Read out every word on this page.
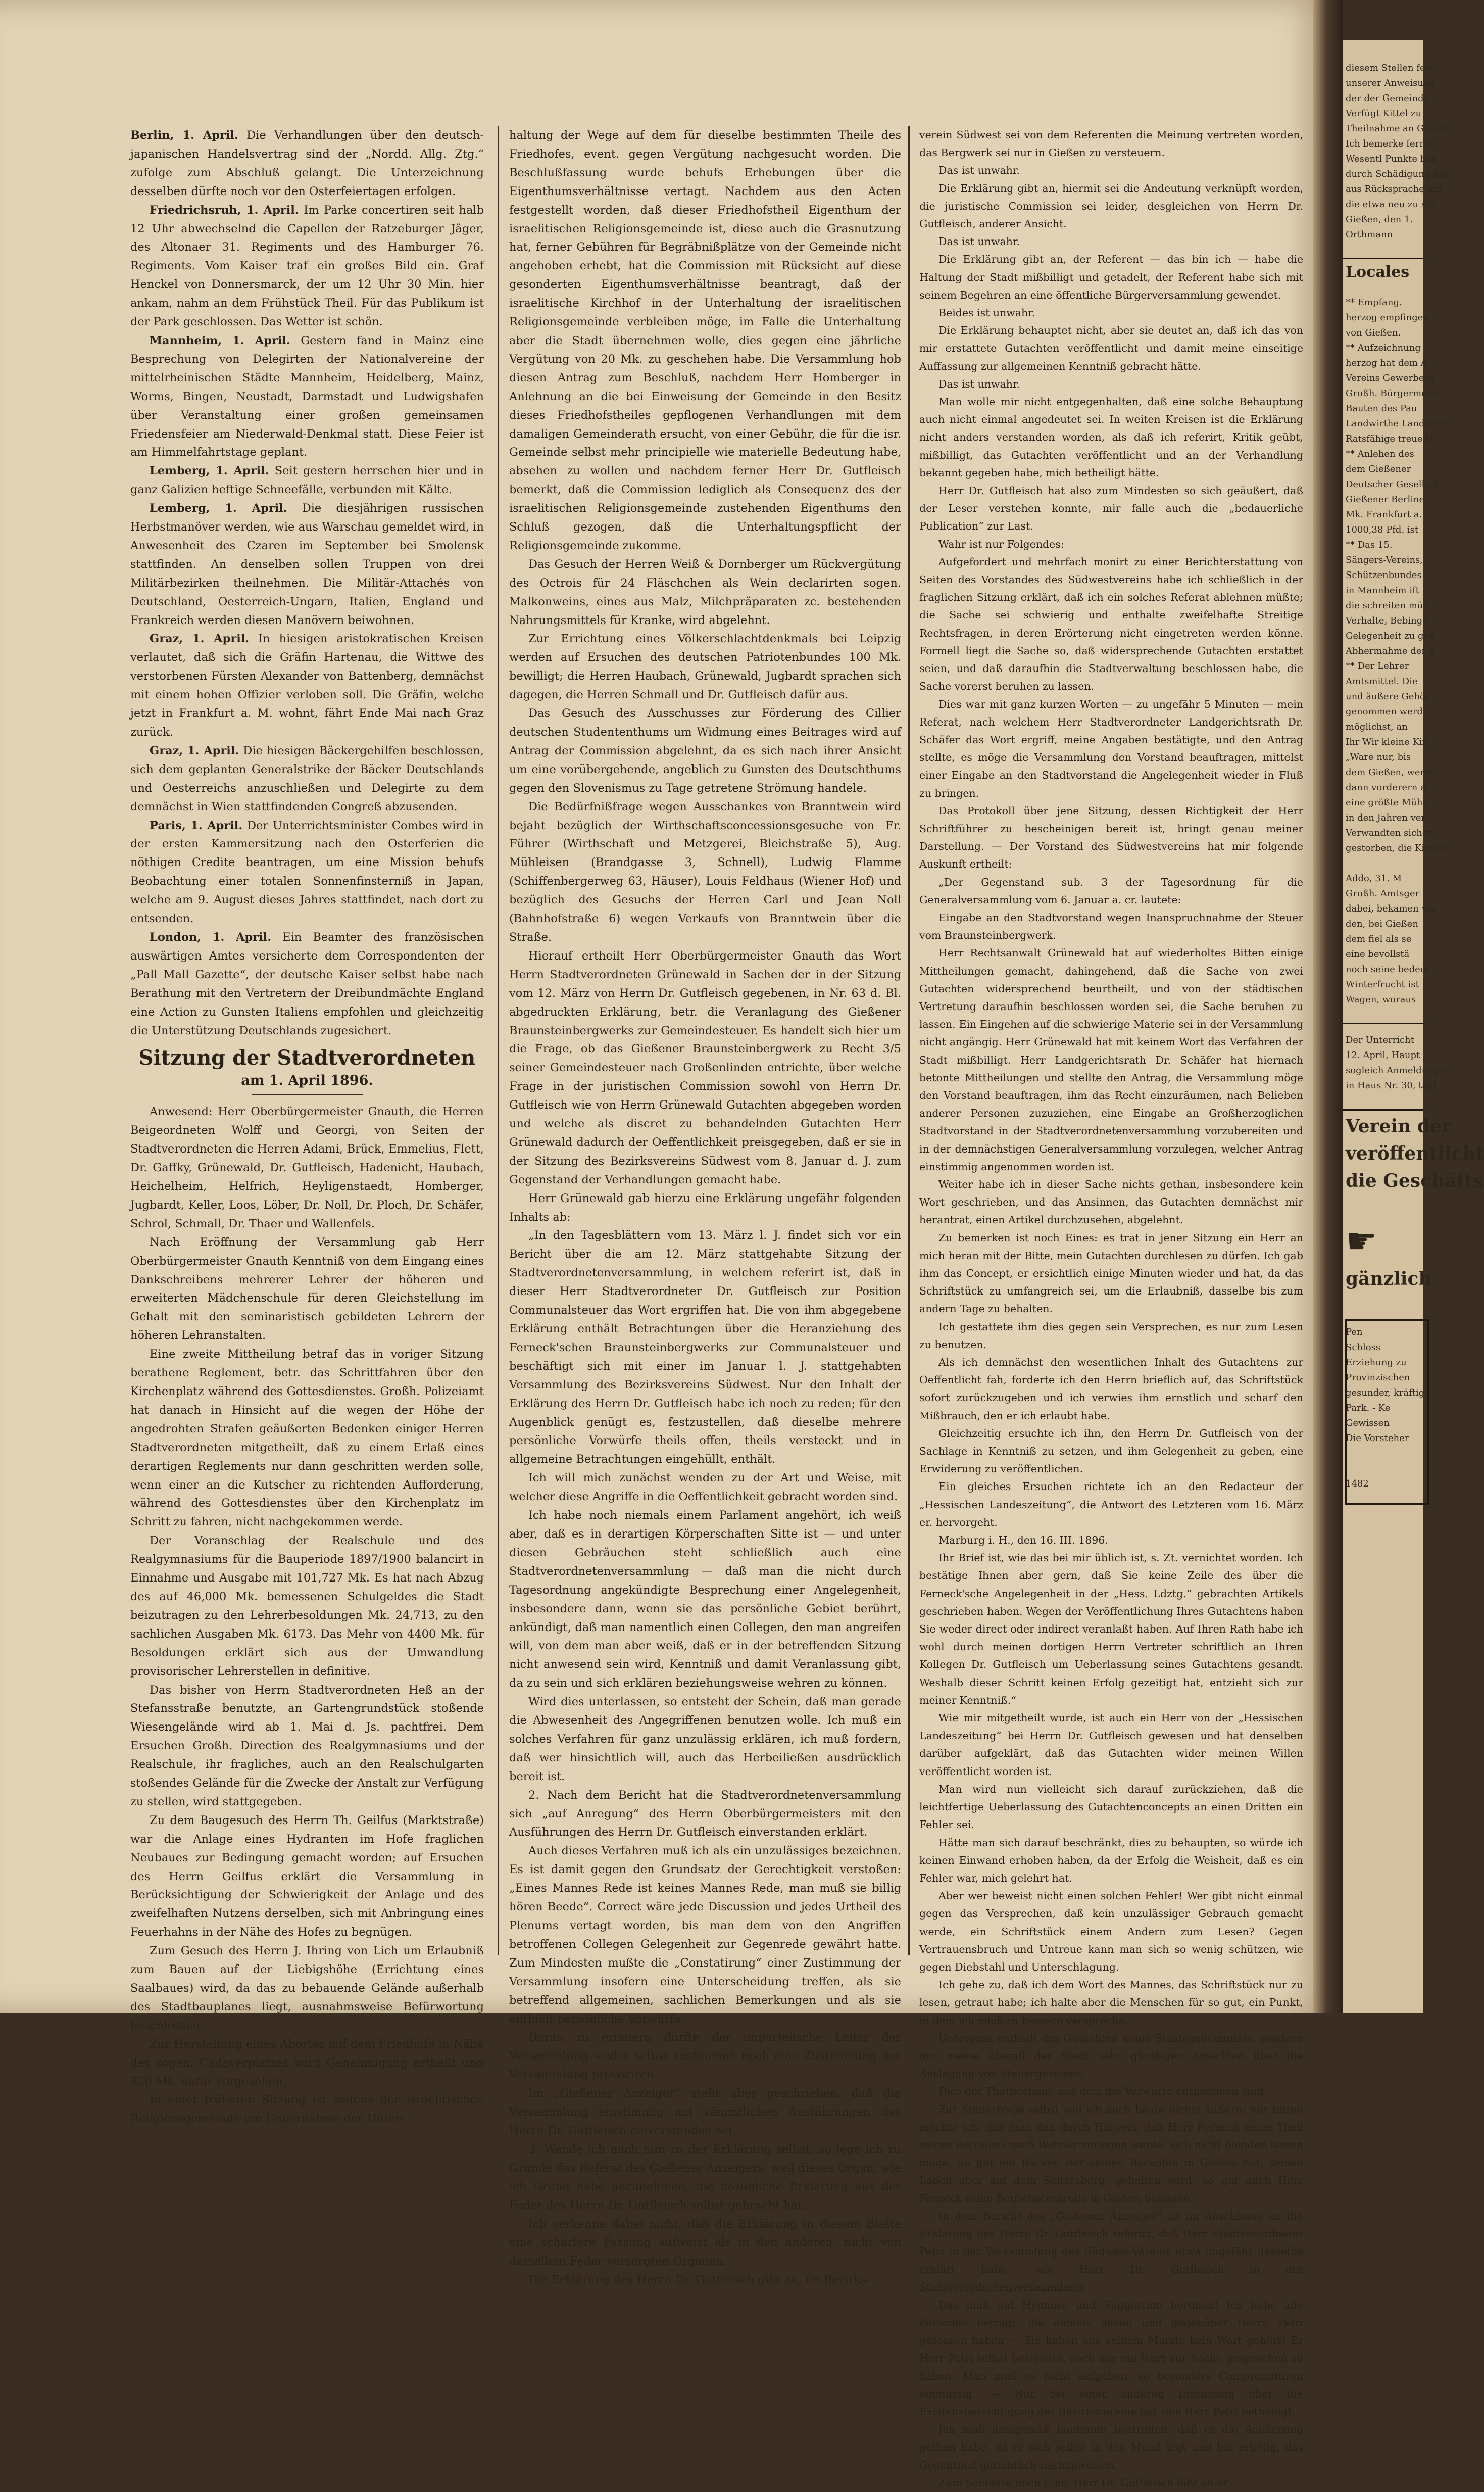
Berlin, 1. April. Die Verhandlungen über den deutsch-japanischen Handelsvertrag sind der „Nordd. Allg. Ztg.“ zufolge zum Abschluß gelangt. Die Unterzeichnung desselben dürfte noch vor den Osterfeiertagen erfolgen.

Friedrichsruh, 1. April. Im Parke concertiren seit halb 12 Uhr abwechselnd die Capellen der Ratzeburger Jäger, des Altonaer 31. Regiments und des Hamburger 76. Regiments. Vom Kaiser traf ein großes Bild ein. Graf Henckel von Donnersmarck, der um 12 Uhr 30 Min. hier ankam, nahm an dem Frühstück Theil. Für das Publikum ist der Park geschlossen. Das Wetter ist schön.

Mannheim, 1. April. Gestern fand in Mainz eine Besprechung von Delegirten der Nationalvereine der mittelrheinischen Städte Mannheim, Heidelberg, Mainz, Worms, Bingen, Neustadt, Darmstadt und Ludwigshafen über Veranstaltung einer großen gemeinsamen Friedensfeier am Niederwald-Denkmal statt. Diese Feier ist am Himmelfahrtstage geplant.

Lemberg, 1. April. Seit gestern herrschen hier und in ganz Galizien heftige Schneefälle, verbunden mit Kälte.

Lemberg, 1. April. Die diesjährigen russischen Herbstmanöver werden, wie aus Warschau gemeldet wird, in Anwesenheit des Czaren im September bei Smolensk stattfinden. An denselben sollen Truppen von drei Militärbezirken theilnehmen. Die Militär-Attachés von Deutschland, Oesterreich-Ungarn, Italien, England und Frankreich werden diesen Manövern beiwohnen.

Graz, 1. April. In hiesigen aristokratischen Kreisen verlautet, daß sich die Gräfin Hartenau, die Wittwe des verstorbenen Fürsten Alexander von Battenberg, demnächst mit einem hohen Offizier verloben soll. Die Gräfin, welche jetzt in Frankfurt a. M. wohnt, fährt Ende Mai nach Graz zurück.

Graz, 1. April. Die hiesigen Bäckergehilfen beschlossen, sich dem geplanten Generalstrike der Bäcker Deutschlands und Oesterreichs anzuschließen und Delegirte zu dem demnächst in Wien stattfindenden Congreß abzusenden.

Paris, 1. April. Der Unterrichtsminister Combes wird in der ersten Kammersitzung nach den Osterferien die nöthigen Credite beantragen, um eine Mission behufs Beobachtung einer totalen Sonnenfinsterniß in Japan, welche am 9. August dieses Jahres stattfindet, nach dort zu entsenden.

London, 1. April. Ein Beamter des französischen auswärtigen Amtes versicherte dem Correspondenten der „Pall Mall Gazette“, der deutsche Kaiser selbst habe nach Berathung mit den Vertretern der Dreibundmächte England eine Action zu Gunsten Italiens empfohlen und gleichzeitig die Unterstützung Deutschlands zugesichert.

Sitzung der Stadtverordneten

am 1. April 1896.

Anwesend: Herr Oberbürgermeister Gnauth, die Herren Beigeordneten Wolff und Georgi, von Seiten der Stadtverordneten die Herren Adami, Brück, Emmelius, Flett, Dr. Gaffky, Grünewald, Dr. Gutfleisch, Hadenicht, Haubach, Heichelheim, Helfrich, Heyligenstaedt, Homberger, Jugbardt, Keller, Loos, Löber, Dr. Noll, Dr. Ploch, Dr. Schäfer, Schrol, Schmall, Dr. Thaer und Wallenfels.

Nach Eröffnung der Versammlung gab Herr Oberbürgermeister Gnauth Kenntniß von dem Eingang eines Dankschreibens mehrerer Lehrer der höheren und erweiterten Mädchenschule für deren Gleichstellung im Gehalt mit den seminaristisch gebildeten Lehrern der höheren Lehranstalten.

Eine zweite Mittheilung betraf das in voriger Sitzung berathene Reglement, betr. das Schrittfahren über den Kirchenplatz während des Gottesdienstes. Großh. Polizeiamt hat danach in Hinsicht auf die wegen der Höhe der angedrohten Strafen geäußerten Bedenken einiger Herren Stadtverordneten mitgetheilt, daß zu einem Erlaß eines derartigen Reglements nur dann geschritten werden solle, wenn einer an die Kutscher zu richtenden Aufforderung, während des Gottesdienstes über den Kirchenplatz im Schritt zu fahren, nicht nachgekommen werde.

Der Voranschlag der Realschule und des Realgymnasiums für die Bauperiode 1897/1900 balancirt in Einnahme und Ausgabe mit 101,727 Mk. Es hat nach Abzug des auf 46,000 Mk. bemessenen Schulgeldes die Stadt beizutragen zu den Lehrerbesoldungen Mk. 24,713, zu den sachlichen Ausgaben Mk. 6173. Das Mehr von 4400 Mk. für Besoldungen erklärt sich aus der Umwandlung provisorischer Lehrerstellen in definitive.

Das bisher von Herrn Stadtverordneten Heß an der Stefansstraße benutzte, an Gartengrundstück stoßende Wiesengelände wird ab 1. Mai d. Js. pachtfrei. Dem Ersuchen Großh. Direction des Realgymnasiums und der Realschule, ihr fragliches, auch an den Realschulgarten stoßendes Gelände für die Zwecke der Anstalt zur Verfügung zu stellen, wird stattgegeben.

Zu dem Baugesuch des Herrn Th. Geilfus (Marktstraße) war die Anlage eines Hydranten im Hofe fraglichen Neubaues zur Bedingung gemacht worden; auf Ersuchen des Herrn Geilfus erklärt die Versammlung in Berücksichtigung der Schwierigkeit der Anlage und des zweifelhaften Nutzens derselben, sich mit Anbringung eines Feuerhahns in der Nähe des Hofes zu begnügen.

Zum Gesuch des Herrn J. Ihring von Lich um Erlaubniß zum Bauen auf der Liebigshöhe (Errichtung eines Saalbaues) wird, da das zu bebauende Gelände außerhalb des Stadtbauplanes liegt, ausnahmsweise Befürwortung beschlossen.

Zur Herstellung eines Abortes auf dem Friedhofe in Nähe des sogen. Cadaverplatzes wird Genehmigung ertheilt und 320 Mk. dafür vorgesehen.

In einer früheren Sitzung ist seitens der israelitischen Religionsgemeinde um Uebernahme der Unter-

haltung der Wege auf dem für dieselbe bestimmten Theile des Friedhofes, event. gegen Vergütung nachgesucht worden. Die Beschlußfassung wurde behufs Erhebungen über die Eigenthumsverhältnisse vertagt. Nachdem aus den Acten festgestellt worden, daß dieser Friedhofstheil Eigenthum der israelitischen Religionsgemeinde ist, diese auch die Grasnutzung hat, ferner Gebühren für Begräbnißplätze von der Gemeinde nicht angehoben erhebt, hat die Commission mit Rücksicht auf diese gesonderten Eigenthumsverhältnisse beantragt, daß der israelitische Kirchhof in der Unterhaltung der israelitischen Religionsgemeinde verbleiben möge, im Falle die Unterhaltung aber die Stadt übernehmen wolle, dies gegen eine jährliche Vergütung von 20 Mk. zu geschehen habe. Die Versammlung hob diesen Antrag zum Beschluß, nachdem Herr Homberger in Anlehnung an die bei Einweisung der Gemeinde in den Besitz dieses Friedhofstheiles gepflogenen Verhandlungen mit dem damaligen Gemeinderath ersucht, von einer Gebühr, die für die isr. Gemeinde selbst mehr principielle wie materielle Bedeutung habe, absehen zu wollen und nachdem ferner Herr Dr. Gutfleisch bemerkt, daß die Commission lediglich als Consequenz des der israelitischen Religionsgemeinde zustehenden Eigenthums den Schluß gezogen, daß die Unterhaltungspflicht der Religionsgemeinde zukomme.

Das Gesuch der Herren Weiß & Dornberger um Rückvergütung des Octrois für 24 Fläschchen als Wein declarirten sogen. Malkonweins, eines aus Malz, Milchpräparaten zc. bestehenden Nahrungsmittels für Kranke, wird abgelehnt.

Zur Errichtung eines Völkerschlachtdenkmals bei Leipzig werden auf Ersuchen des deutschen Patriotenbundes 100 Mk. bewilligt; die Herren Haubach, Grünewald, Jugbardt sprachen sich dagegen, die Herren Schmall und Dr. Gutfleisch dafür aus.

Das Gesuch des Ausschusses zur Förderung des Cillier deutschen Studententhums um Widmung eines Beitrages wird auf Antrag der Commission abgelehnt, da es sich nach ihrer Ansicht um eine vorübergehende, angeblich zu Gunsten des Deutschthums gegen den Slovenismus zu Tage getretene Strömung handele.

Die Bedürfnißfrage wegen Ausschankes von Branntwein wird bejaht bezüglich der Wirthschaftsconcessionsgesuche von Fr. Führer (Wirthschaft und Metzgerei, Bleichstraße 5), Aug. Mühleisen (Brandgasse 3, Schnell), Ludwig Flamme (Schiffenbergerweg 63, Häuser), Louis Feldhaus (Wiener Hof) und bezüglich des Gesuchs der Herren Carl und Jean Noll (Bahnhofstraße 6) wegen Verkaufs von Branntwein über die Straße.

Hierauf ertheilt Herr Oberbürgermeister Gnauth das Wort Herrn Stadtverordneten Grünewald in Sachen der in der Sitzung vom 12. März von Herrn Dr. Gutfleisch gegebenen, in Nr. 63 d. Bl. abgedruckten Erklärung, betr. die Veranlagung des Gießener Braunsteinbergwerks zur Gemeindesteuer. Es handelt sich hier um die Frage, ob das Gießener Braunsteinbergwerk zu Recht 3/5 seiner Gemeindesteuer nach Großenlinden entrichte, über welche Frage in der juristischen Commission sowohl von Herrn Dr. Gutfleisch wie von Herrn Grünewald Gutachten abgegeben worden und welche als discret zu behandelnden Gutachten Herr Grünewald dadurch der Oeffentlichkeit preisgegeben, daß er sie in der Sitzung des Bezirksvereins Südwest vom 8. Januar d. J. zum Gegenstand der Verhandlungen gemacht habe.

Herr Grünewald gab hierzu eine Erklärung ungefähr folgenden Inhalts ab:

„In den Tagesblättern vom 13. März l. J. findet sich vor ein Bericht über die am 12. März stattgehabte Sitzung der Stadtverordnetenversammlung, in welchem referirt ist, daß in dieser Herr Stadtverordneter Dr. Gutfleisch zur Position Communalsteuer das Wort ergriffen hat. Die von ihm abgegebene Erklärung enthält Betrachtungen über die Heranziehung des Ferneck'schen Braunsteinbergwerks zur Communalsteuer und beschäftigt sich mit einer im Januar l. J. stattgehabten Versammlung des Bezirksvereins Südwest. Nur den Inhalt der Erklärung des Herrn Dr. Gutfleisch habe ich noch zu reden; für den Augenblick genügt es, festzustellen, daß dieselbe mehrere persönliche Vorwürfe theils offen, theils versteckt und in allgemeine Betrachtungen eingehüllt, enthält.

Ich will mich zunächst wenden zu der Art und Weise, mit welcher diese Angriffe in die Oeffentlichkeit gebracht worden sind.

Ich habe noch niemals einem Parlament angehört, ich weiß aber, daß es in derartigen Körperschaften Sitte ist — und unter diesen Gebräuchen steht schließlich auch eine Stadtverordnetenversammlung — daß man die nicht durch Tagesordnung angekündigte Besprechung einer Angelegenheit, insbesondere dann, wenn sie das persönliche Gebiet berührt, ankündigt, daß man namentlich einen Collegen, den man angreifen will, von dem man aber weiß, daß er in der betreffenden Sitzung nicht anwesend sein wird, Kenntniß und damit Veranlassung gibt, da zu sein und sich erklären beziehungsweise wehren zu können.

Wird dies unterlassen, so entsteht der Schein, daß man gerade die Abwesenheit des Angegriffenen benutzen wolle. Ich muß ein solches Verfahren für ganz unzulässig erklären, ich muß fordern, daß wer hinsichtlich will, auch das Herbeiließen ausdrücklich bereit ist.

2. Nach dem Bericht hat die Stadtverordnetenversammlung sich „auf Anregung“ des Herrn Oberbürgermeisters mit den Ausführungen des Herrn Dr. Gutfleisch einverstanden erklärt.

Auch dieses Verfahren muß ich als ein unzulässiges bezeichnen. Es ist damit gegen den Grundsatz der Gerechtigkeit verstoßen: „Eines Mannes Rede ist keines Mannes Rede, man muß sie billig hören Beede“. Correct wäre jede Discussion und jedes Urtheil des Plenums vertagt worden, bis man dem von den Angriffen betroffenen Collegen Gelegenheit zur Gegenrede gewährt hatte. Zum Mindesten mußte die „Constatirung“ einer Zustimmung der Versammlung insofern eine Unterscheidung treffen, als sie betreffend allgemeinen, sachlichen Bemerkungen und als sie enthielt persönliche Vorwürfe.

Daran zu erinnern dürfte der unparteiische Leiter der Versammlung weder selbst zustimmen noch eine Zustimmung der Versammlung provociren.

Im „Gießener Anzeiger“ steht aber geschrieben, daß die Versammlung einstimmig mit sämmtlichen Ausführungen des Herrn Dr. Gutfleisch einverstanden sei.

3. Wende ich mich nun zu der Erklärung selbst, so lege ich zu Grunde das Referat des Gießener Anzeigers, weil dieses Organ, wie ich Grund habe anzunehmen, die bezügliche Erklärung aus der Feder des Herrn Dr. Gutfleisch selbst gebracht hat.

Ich verkenne dabei nicht, daß die Erklärung in diesem Blatte eine schärfere Fassung aufweist als in den anderen, nicht von derselben Feder versorgten Organen.

Die Erklärung des Herrn Dr. Gutfleisch gibt an, im Bezirks-

verein Südwest sei von dem Referenten die Meinung vertreten worden, das Bergwerk sei nur in Gießen zu versteuern.

Das ist unwahr.

Die Erklärung gibt an, hiermit sei die Andeutung verknüpft worden, die juristische Commission sei leider, desgleichen von Herrn Dr. Gutfleisch, anderer Ansicht.

Das ist unwahr.

Die Erklärung gibt an, der Referent — das bin ich — habe die Haltung der Stadt mißbilligt und getadelt, der Referent habe sich mit seinem Begehren an eine öffentliche Bürgerversammlung gewendet.

Beides ist unwahr.

Die Erklärung behauptet nicht, aber sie deutet an, daß ich das von mir erstattete Gutachten veröffentlicht und damit meine einseitige Auffassung zur allgemeinen Kenntniß gebracht hätte.

Das ist unwahr.

Man wolle mir nicht entgegenhalten, daß eine solche Behauptung auch nicht einmal angedeutet sei. In weiten Kreisen ist die Erklärung nicht anders verstanden worden, als daß ich referirt, Kritik geübt, mißbilligt, das Gutachten veröffentlicht und an der Verhandlung bekannt gegeben habe, mich betheiligt hätte.

Herr Dr. Gutfleisch hat also zum Mindesten so sich geäußert, daß der Leser verstehen konnte, mir falle auch die „bedauerliche Publication“ zur Last.

Wahr ist nur Folgendes:

Aufgefordert und mehrfach monirt zu einer Berichterstattung von Seiten des Vorstandes des Südwestvereins habe ich schließlich in der fraglichen Sitzung erklärt, daß ich ein solches Referat ablehnen müßte; die Sache sei schwierig und enthalte zweifelhafte Streitige Rechtsfragen, in deren Erörterung nicht eingetreten werden könne. Formell liegt die Sache so, daß widersprechende Gutachten erstattet seien, und daß daraufhin die Stadtverwaltung beschlossen habe, die Sache vorerst beruhen zu lassen.

Dies war mit ganz kurzen Worten — zu ungefähr 5 Minuten — mein Referat, nach welchem Herr Stadtverordneter Landgerichtsrath Dr. Schäfer das Wort ergriff, meine Angaben bestätigte, und den Antrag stellte, es möge die Versammlung den Vorstand beauftragen, mittelst einer Eingabe an den Stadtvorstand die Angelegenheit wieder in Fluß zu bringen.

Das Protokoll über jene Sitzung, dessen Richtigkeit der Herr Schriftführer zu bescheinigen bereit ist, bringt genau meiner Darstellung. — Der Vorstand des Südwestvereins hat mir folgende Auskunft ertheilt:

„Der Gegenstand sub. 3 der Tagesordnung für die Generalversammlung vom 6. Januar a. cr. lautete:

Eingabe an den Stadtvorstand wegen Inanspruchnahme der Steuer vom Braunsteinbergwerk.

Herr Rechtsanwalt Grünewald hat auf wiederholtes Bitten einige Mittheilungen gemacht, dahingehend, daß die Sache von zwei Gutachten widersprechend beurtheilt, und von der städtischen Vertretung daraufhin beschlossen worden sei, die Sache beruhen zu lassen. Ein Eingehen auf die schwierige Materie sei in der Versammlung nicht angängig. Herr Grünewald hat mit keinem Wort das Verfahren der Stadt mißbilligt. Herr Landgerichtsrath Dr. Schäfer hat hiernach betonte Mittheilungen und stellte den Antrag, die Versammlung möge den Vorstand beauftragen, ihm das Recht einzuräumen, nach Belieben anderer Personen zuzuziehen, eine Eingabe an Großherzoglichen Stadtvorstand in der Stadtverordnetenversammlung vorzubereiten und in der demnächstigen Generalversammlung vorzulegen, welcher Antrag einstimmig angenommen worden ist.

Weiter habe ich in dieser Sache nichts gethan, insbesondere kein Wort geschrieben, und das Ansinnen, das Gutachten demnächst mir herantrat, einen Artikel durchzusehen, abgelehnt.

Zu bemerken ist noch Eines: es trat in jener Sitzung ein Herr an mich heran mit der Bitte, mein Gutachten durchlesen zu dürfen. Ich gab ihm das Concept, er ersichtlich einige Minuten wieder und hat, da das Schriftstück zu umfangreich sei, um die Erlaubniß, dasselbe bis zum andern Tage zu behalten.

Ich gestattete ihm dies gegen sein Versprechen, es nur zum Lesen zu benutzen.

Als ich demnächst den wesentlichen Inhalt des Gutachtens zur Oeffentlicht fah, forderte ich den Herrn brieflich auf, das Schriftstück sofort zurückzugeben und ich verwies ihm ernstlich und scharf den Mißbrauch, den er ich erlaubt habe.

Gleichzeitig ersuchte ich ihn, den Herrn Dr. Gutfleisch von der Sachlage in Kenntniß zu setzen, und ihm Gelegenheit zu geben, eine Erwiderung zu veröffentlichen.

Ein gleiches Ersuchen richtete ich an den Redacteur der „Hessischen Landeszeitung“, die Antwort des Letzteren vom 16. März er. hervorgeht.

Marburg i. H., den 16. III. 1896.

Ihr Brief ist, wie das bei mir üblich ist, s. Zt. vernichtet worden. Ich bestätige Ihnen aber gern, daß Sie keine Zeile des über die Ferneck'sche Angelegenheit in der „Hess. Ldztg.“ gebrachten Artikels geschrieben haben. Wegen der Veröffentlichung Ihres Gutachtens haben Sie weder direct oder indirect veranlaßt haben. Auf Ihren Rath habe ich wohl durch meinen dortigen Herrn Vertreter schriftlich an Ihren Kollegen Dr. Gutfleisch um Ueberlassung seines Gutachtens gesandt. Weshalb dieser Schritt keinen Erfolg gezeitigt hat, entzieht sich zur meiner Kenntniß.“

Wie mir mitgetheilt wurde, ist auch ein Herr von der „Hessischen Landeszeitung“ bei Herrn Dr. Gutfleisch gewesen und hat denselben darüber aufgeklärt, daß das Gutachten wider meinen Willen veröffentlicht worden ist.

Man wird nun vielleicht sich darauf zurückziehen, daß die leichtfertige Ueberlassung des Gutachtenconcepts an einen Dritten ein Fehler sei.

Hätte man sich darauf beschränkt, dies zu behaupten, so würde ich keinen Einwand erhoben haben, da der Erfolg die Weisheit, daß es ein Fehler war, mich gelehrt hat.

Aber wer beweist nicht einen solchen Fehler! Wer gibt nicht einmal gegen das Versprechen, daß kein unzulässiger Gebrauch gemacht werde, ein Schriftstück einem Andern zum Lesen? Gegen Vertrauensbruch und Untreue kann man sich so wenig schützen, wie gegen Diebstahl und Unterschlagung.

Ich gehe zu, daß ich dem Wort des Mannes, das Schriftstück nur zu lesen, getraut habe; ich halte aber die Menschen für so gut, ein Punkt, in dem ich mich zu bessern verspreche.

Uebrigens enthielt das Gutachten keine Staatsgeheimnisse, sondern nur meine überall der Stadt sehr günstigen Ansichten über die Auslegung von Steuergesetzen.

Dies der Thatbestand, aus dem die Vorwürfe entnommen sind.

Zur Steuerfrage selbst will ich auch heute nichts äußern; nur bitten möchte ich, daß man den durch Hinweis, daß Herr Ferneck einen Theil seines Betriebes nach Wetzlar verlegen werde, sich nicht blenden lassen möge. So gut ein Bäcker, der seinen Backofen in Gießen hat, seinen Laden aber auf dem Seltersberg, gehalten wird, so gut auch Herr Ferneck seine Betriebscontrolle in Gießen belassen.

In dem Bericht des „Gießener Anzeiger“ ist im Anschlusse an die Erklärung des Herrn Dr. Gutfleisch referirt, daß Herr Stadtverordneter Petri in der Versammlung des Südwest-Vereins etwa ungefähr dasselbe erklärt habe, wie Herr Dr. Gutfleisch in der Stadtverordnetenversammlung.

Das muß auf Hypnose und Suggestion beruhen! Ich habe alle Personen befragt, die damals neben und gegenüber Herrn Petri gesessen haben — Sie haben aus seinem Munde kein Wort gehört! Er Herr Petri selbst bestreitet, auch nur ein Wort zur Sache gesprochen zu haben. Man muß es nicht aufgeben, so besonders Compromittiren einmüssig. — Nur bei einer anderen Discussion über die Existenzberechtigung der Bezirksvereine hat sich Herr Petri betheiligt.

Ich muß demgemäß hautenmt bestreiten, daß er die Aeußerung gethan habe, da er sich selbst in den Mund legt und bin erbötig, das Gegentheil gerichtlich nachzuweisen.

Zum Schlusse noch Eins: Herr Dr. Gutfleisch läßt an er

diesem Stellen fest,
unserer Anweisung
der der Gemeinde
Verfügt Kittel zu
Theilnahme an Gewalt
Ich bemerke ferner
Wesentl Punkte hab
durch Schädigung dor
aus Rücksprache mit
die etwa neu zu sta
Gießen, den 1.
Orthmann
Locales
** Empfang.
herzog empfingen
von Gießen.
** Aufzeichnung
herzog hat dem A
Vereins Gewerbeve
Großh. Bürgermeist
Bauten des Pau
Landwirthe Landkree
Ratsfähige treue D
** Anlehen des
dem Gießener
Deutscher Gesellsch
Gießener Berliner
Mk. Frankfurt a.
1000,38 Pfd. ist
** Das 15.
Sängers-Vereins,
Schützenbundes
in Mannheim ift
die schreiten müs
Verhalte, Bebinge
Gelegenheit zu geb
Abhermahme der d
** Der Lehrer
Amtsmittel. Die
und äußere Gehör
genommen werd
möglichst, an
Ihr Wir kleine Kin
„Ware nur, bis
dem Gießen, wenn
dann vorderern a
eine größte Mühe
in den Jahren ver
Verwandten sicher
gestorben, die Kinder
Addo, 31. M
Großh. Amtsger
dabei, bekamen wir
den, bei Gießen
dem fiel als se
eine bevollstä
noch seine bedeut
Winterfrucht ist
Wagen, woraus
Der Unterricht
12. April, Haupt
sogleich Anmeldungen
in Haus Nr. 30, tägl
Verein der
veröffentlicht
die Geschäfts
☛
gänzlich
Pen
Schloss
Erziehung zu
Provinzischen
gesunder, kräftig
Park. - Ke
Gewissen
Die Vorsteher
1482
